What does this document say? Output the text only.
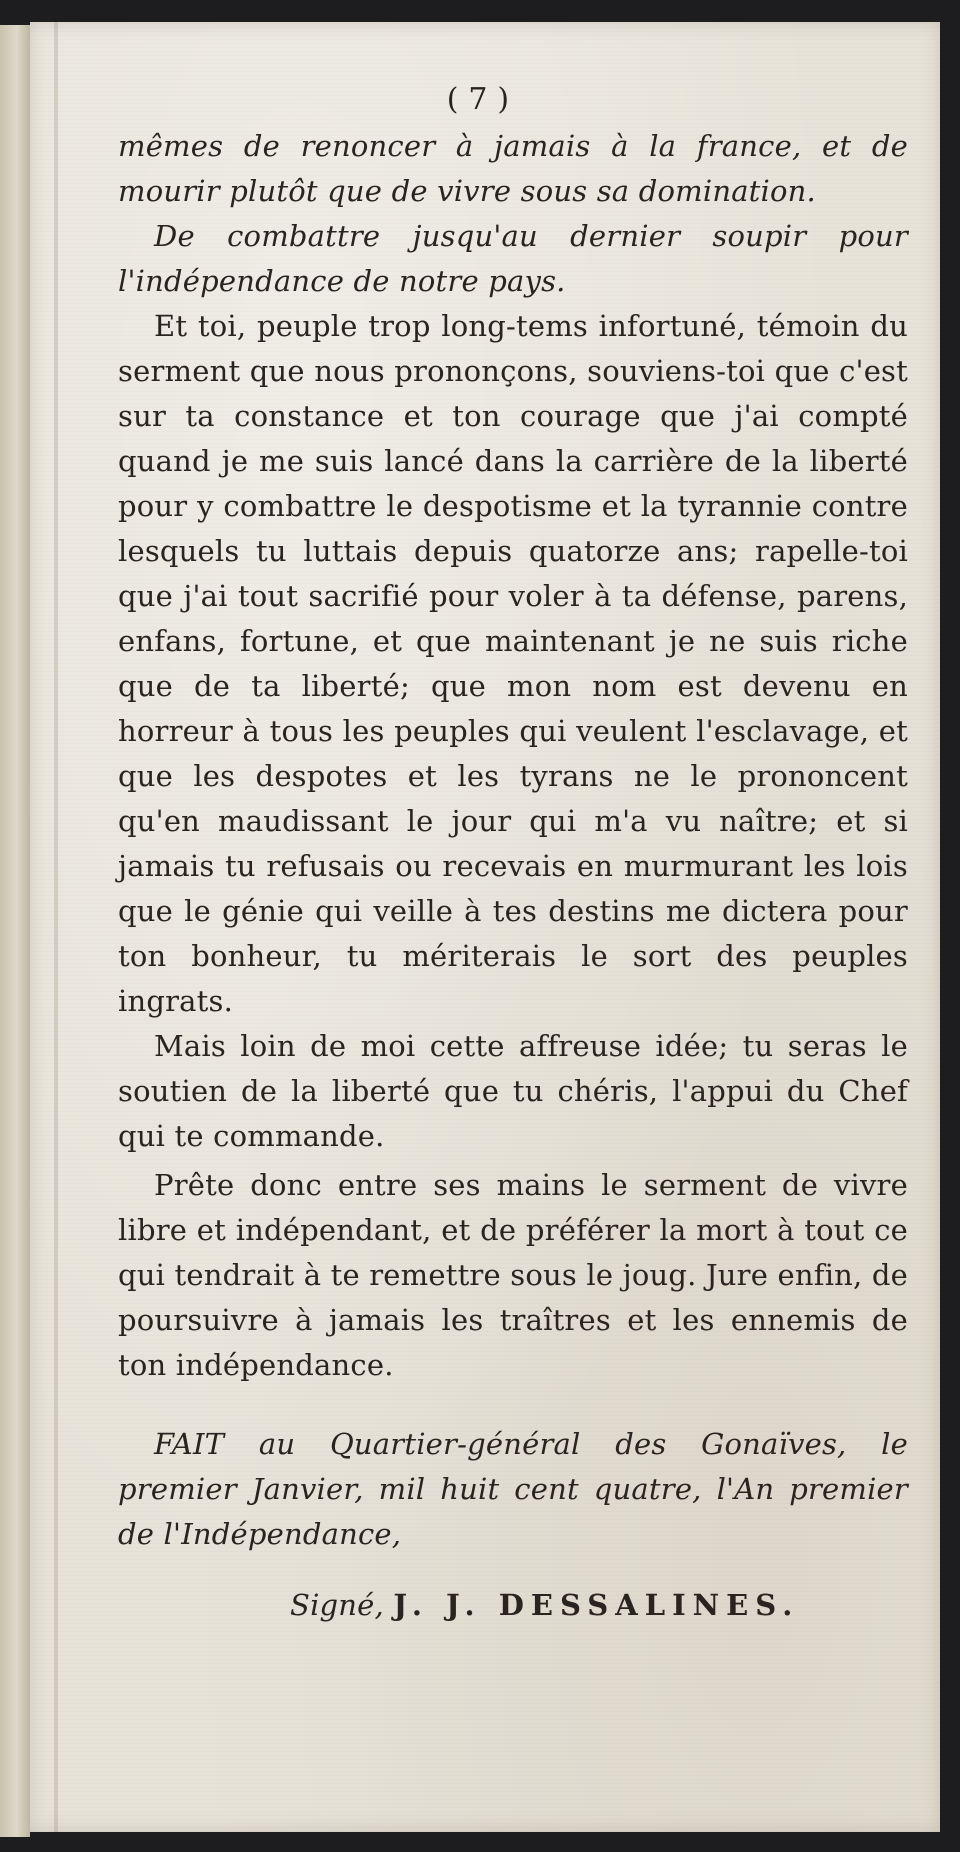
( 7 )

mêmes de renoncer à jamais à la france, et de mourir plutôt que de vivre sous sa domination.

De combattre jusqu'au dernier soupir pour l'indépendance de notre pays.

Et toi, peuple trop long-tems infortuné, témoin du serment que nous prononçons, souviens-toi que c'est sur ta constance et ton courage que j'ai compté quand je me suis lancé dans la carrière de la liberté pour y combattre le despotisme et la tyrannie contre lesquels tu luttais depuis quatorze ans; rapelle-toi que j'ai tout sacrifié pour voler à ta défense, parens, enfans, fortune, et que maintenant je ne suis riche que de ta liberté; que mon nom est devenu en horreur à tous les peuples qui veulent l'esclavage, et que les despotes et les tyrans ne le prononcent qu'en maudissant le jour qui m'a vu naître; et si jamais tu refusais ou recevais en murmurant les lois que le génie qui veille à tes destins me dictera pour ton bonheur, tu mériterais le sort des peuples ingrats.

Mais loin de moi cette affreuse idée; tu seras le soutien de la liberté que tu chéris, l'appui du Chef qui te commande.

Prête donc entre ses mains le serment de vivre libre et indépendant, et de préférer la mort à tout ce qui tendrait à te remettre sous le joug. Jure enfin, de poursuivre à jamais les traîtres et les ennemis de ton indépendance.

FAIT au Quartier-général des Gonaïves, le premier Janvier, mil huit cent quatre, l'An premier de l'Indépendance,

Signé, J. J. DESSALINES.
